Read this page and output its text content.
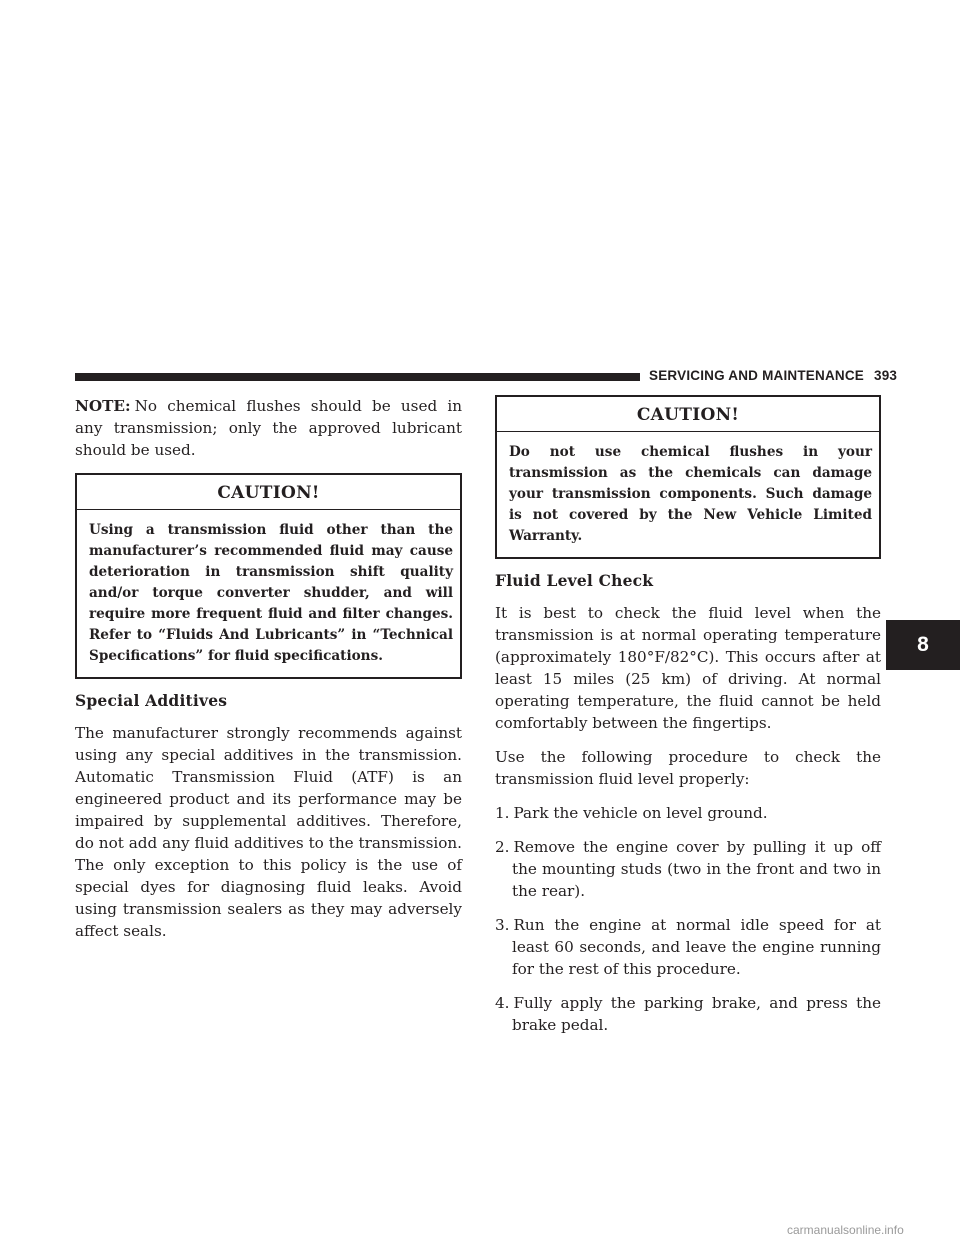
SERVICING AND MAINTENANCE 393

NOTE: No chemical flushes should be used in any transmission; only the approved lubricant should be used.

CAUTION!
Using a transmission fluid other than the manufacturer’s recommended fluid may cause deterioration in transmission shift quality and/or torque converter shudder, and will require more frequent fluid and filter changes. Refer to “Fluids And Lubricants” in “Technical Specifications” for fluid specifications.
Special Additives

The manufacturer strongly recommends against using any special additives in the transmission. Automatic Transmission Fluid (ATF) is an engineered product and its performance may be impaired by supplemental additives. Therefore, do not add any fluid additives to the transmission. The only exception to this policy is the use of special dyes for diagnosing fluid leaks. Avoid using transmission sealers as they may adversely affect seals.

CAUTION!
Do not use chemical flushes in your transmission as the chemicals can damage your transmission components. Such damage is not covered by the New Vehicle Limited Warranty.
Fluid Level Check

It is best to check the fluid level when the transmission is at normal operating temperature (approximately 180°F/82°C). This occurs after at least 15 miles (25 km) of driving. At normal operating temperature, the fluid cannot be held comfortably between the fingertips.

Use the following procedure to check the transmission fluid level properly:

1. Park the vehicle on level ground.
2. Remove the engine cover by pulling it up off the mounting studs (two in the front and two in the rear).
3. Run the engine at normal idle speed for at least 60 seconds, and leave the engine running for the rest of this procedure.
4. Fully apply the parking brake, and press the brake pedal.
8
carmanualsonline.info
